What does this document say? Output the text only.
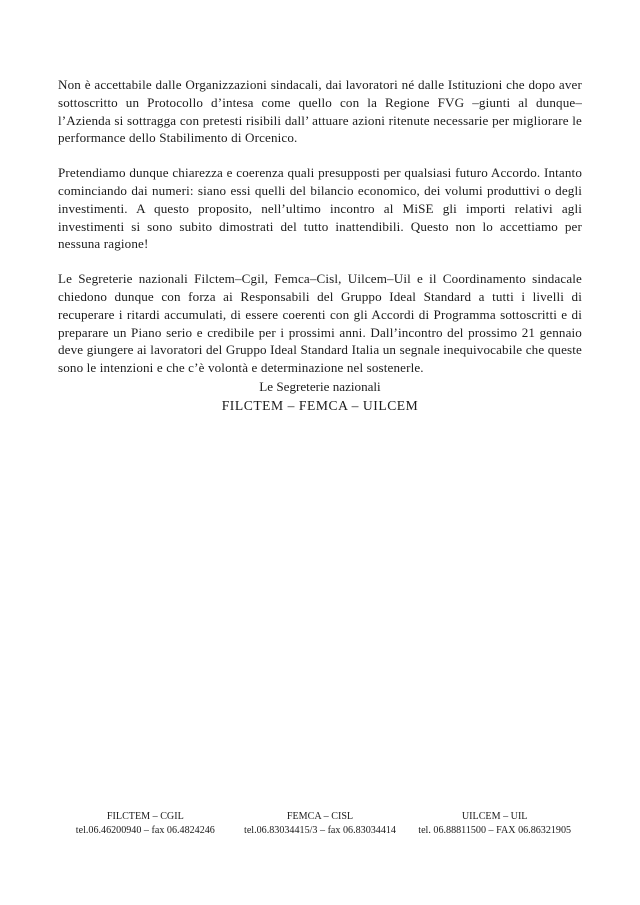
Non è accettabile dalle Organizzazioni sindacali, dai lavoratori né dalle Istituzioni che dopo aver sottoscritto un Protocollo d’intesa come quello con la Regione FVG –giunti al dunque– l’Azienda si sottragga con pretesti risibili dall’ attuare azioni ritenute necessarie per migliorare le performance dello Stabilimento di Orcenico.

Pretendiamo dunque chiarezza e coerenza quali presupposti per qualsiasi futuro Accordo. Intanto cominciando dai numeri: siano essi quelli del bilancio economico, dei volumi produttivi o degli investimenti. A questo proposito, nell’ultimo incontro al MiSE gli importi relativi agli investimenti si sono subito dimostrati del tutto inattendibili. Questo non lo accettiamo per nessuna ragione!

Le Segreterie nazionali Filctem–Cgil, Femca–Cisl, Uilcem–Uil e il Coordinamento sindacale chiedono dunque con forza ai Responsabili del Gruppo Ideal Standard a tutti i livelli di recuperare i ritardi accumulati, di essere coerenti con gli Accordi di Programma sottoscritti e di preparare un Piano serio e credibile per i prossimi anni. Dall’incontro del prossimo 21 gennaio deve giungere ai lavoratori del Gruppo Ideal Standard Italia un segnale inequivocabile che queste sono le intenzioni e che c’è volontà e determinazione nel sostenerle.

Le Segreterie nazionali
FILCTEM – FEMCA – UILCEM
FILCTEM – CGIL
tel.06.46200940 – fax 06.4824246
FEMCA – CISL
tel.06.83034415/3 – fax 06.83034414
UILCEM – UIL
tel. 06.88811500 – FAX 06.86321905
